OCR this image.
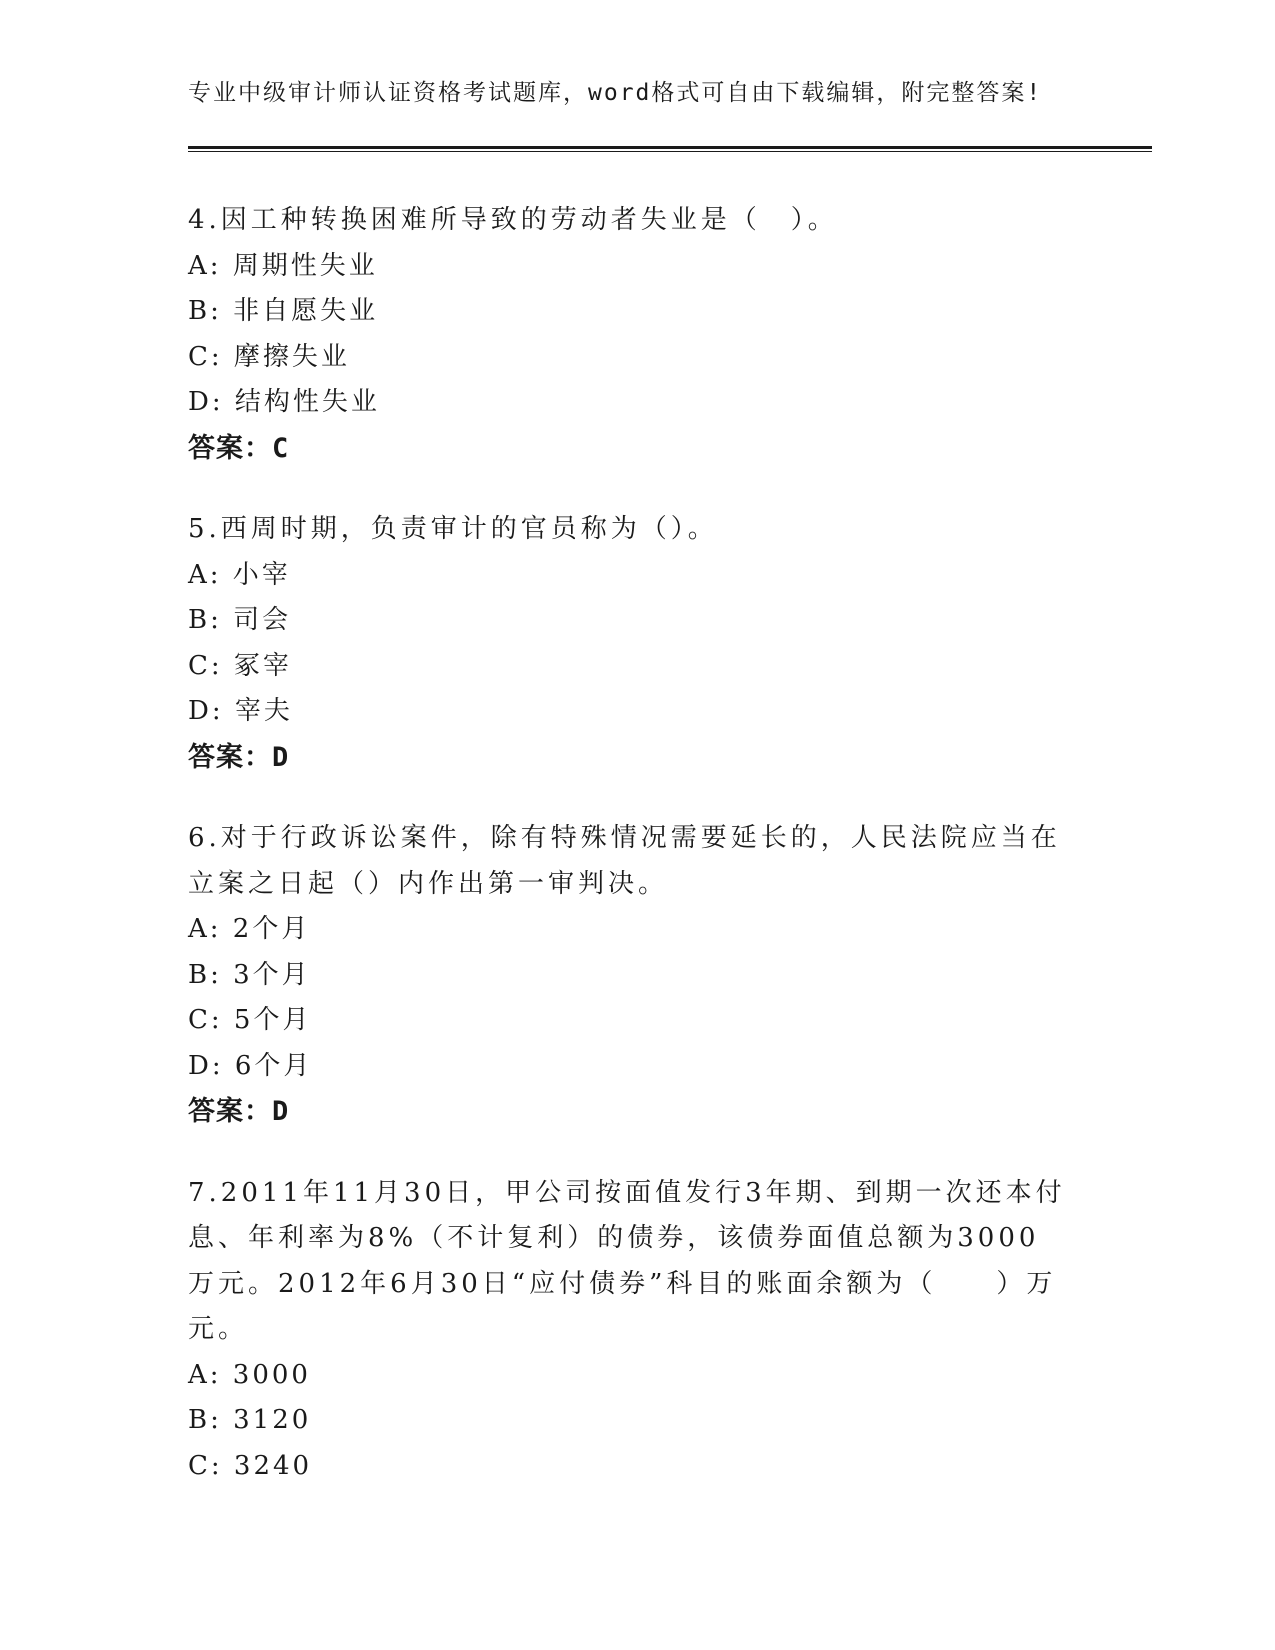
专业中级审计师认证资格考试题库，word格式可自由下载编辑，附完整答案!
4.因工种转换困难所导致的劳动者失业是（　）。
A: 周期性失业
B: 非自愿失业
C: 摩擦失业
D: 结构性失业
答案：C
5.西周时期，负责审计的官员称为（）。
A: 小宰
B: 司会
C: 冢宰
D: 宰夫
答案：D
6.对于行政诉讼案件，除有特殊情况需要延长的，人民法院应当在立案之日起（）内作出第一审判决。
A: 2个月
B: 3个月
C: 5个月
D: 6个月
答案：D
7.2011年11月30日，甲公司按面值发行3年期、到期一次还本付息、年利率为8%（不计复利）的债券，该债券面值总额为3000万元。2012年6月30日“应付债券”科目的账面余额为（　　）万元。
A: 3000
B: 3120
C: 3240
